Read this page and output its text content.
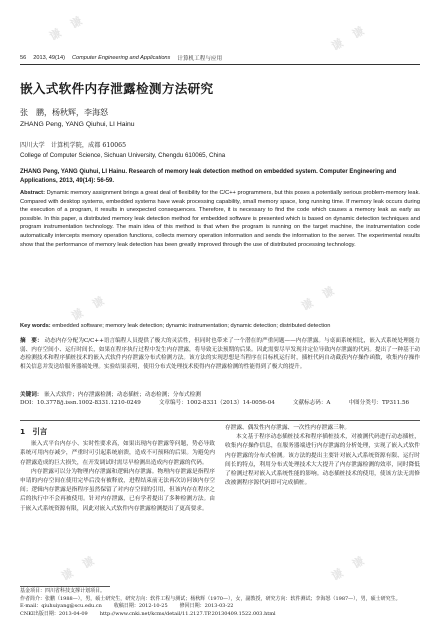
谦　谦	谦　谦
谦　谦	谦　谦
谦　谦	谦　谦
56 2013, 49(14) Computer Engineering and Applications 计算机工程与应用
嵌入式软件内存泄露检测方法研究
张　鹏，杨秋辉，李海怒
ZHANG Peng, YANG Qiuhui, LI Hainu
四川大学　计算机学院，成都 610065
College of Computer Science, Sichuan University, Chengdu 610065, China
ZHANG Peng, YANG Qiuhui, LI Hainu. Research of memory leak detection method on embedded system. Computer Engineering and Applications, 2013, 49(14): 56-59.
Abstract: Dynamic memory assignment brings a great deal of flexibility for the C/C++ programmers, but this poses a potentially serious problem-memory leak. Compared with desktop systems, embedded systems have weak processing capability, small memory space, long running time. If memory leak occurs during the execution of a program, it results in unexpected consequences. Therefore, it is necessary to find the code which causes a memory leak as early as possible. In this paper, a distributed memory leak detection method for embedded software is presented which is based on dynamic detection techniques and program instrumentation technology. The main idea of this method is that when the program is running on the target machine, the instrumentation code automatically intercepts memory operation functions, collects memory operation information and sends the information to the server. The experimental results show that the performance of memory leak detection has been greatly improved through the use of distributed processing technology.
Key words: embedded software; memory leak detection; dynamic instrumentation; dynamic detection; distributed detection
摘　要： 动态内存分配为C/C++语言编程人员提供了极大的灵活性，但同时也带来了一个潜在的严重问题——内存泄露。与桌面系统相比，嵌入式系统处理能力弱、内存空间小、运行时间长，如果在程序执行过程中发生内存泄露，将导致无法预期的后果。因此需要尽早发现并定位导致内存泄露的代码。提出了一种基于动态检测技术和程序插桩技术的嵌入式软件内存泄露分布式检测方法。该方法的实现思想是当程序在目标机运行时，插桩代码自动截获内存操作函数，收集内存操作相关信息并发送给服务器端处理。实验结果表明，使用分布式处理技术使得内存泄露检测的性能得到了极大的提升。
关键词： 嵌入式软件；内存泄露检测；动态插桩；动态检测；分布式检测
DOI：10.3778/j.issn.1002-8331.1210-0249	文章编号：1002-8331（2013）14-0056-04	文献标志码：A	中图分类号：TP311.56
1　引言

嵌入式平台内存小、实时性要求高，如果出现内存泄露等问题，势必导致系统可用内存减少，严重时可引起系统崩溃，造成不可预料的后果。为避免内存泄露造成的巨大损失，在开发调试时需尽早检测出造成内存泄露的代码。

内存泄露可以分为物理内存泄露和逻辑内存泄露。物理内存泄露是指程序申请的内存空间在使用完毕后没有被释放，进程结束前无法再次访问该内存空间；逻辑内存泄露是指程序虽然保留了对内存空间的引用，但该内存在程序之后的执行中不会再被使用。针对内存泄露，已有学者提出了多种检测方法。由于嵌入式系统资源有限，因此对嵌入式软件内存泄露检测提出了更高要求。

存泄露、偶发性内存泄露、一次性内存泄露三种。

本文基于程序动态插桩技术和程序插桩技术，对被测代码进行动态插桩，收集内存操作信息，在服务器端进行内存泄露的分析处理，实现了嵌入式软件内存泄露的分布式检测。该方法的提出主要针对嵌入式系统资源有限、运行时间长的特点，利用分布式处理技术大大提升了内存泄露检测的效率，同时降低了检测过程对嵌入式系统性能的影响。动态插桩技术的使用，使该方法无需修改被测程序源代码即可完成插桩。

基金项目：四川省科技支撑计划项目。
作者简介：张鹏（1988—），男，硕士研究生，研究方向：软件工程与测试；杨秋辉（1970—），女，副教授，研究方向：软件测试；李海怒（1987—），男，硕士研究生。
E-mail：qiuhuiyang@scu.edu.cn 收稿日期：2012-10-25 修回日期：2013-03-22
CNKI出版日期：2013-04-09 http://www.cnki.net/kcms/detail/11.2127.TP.20130409.1522.003.html
